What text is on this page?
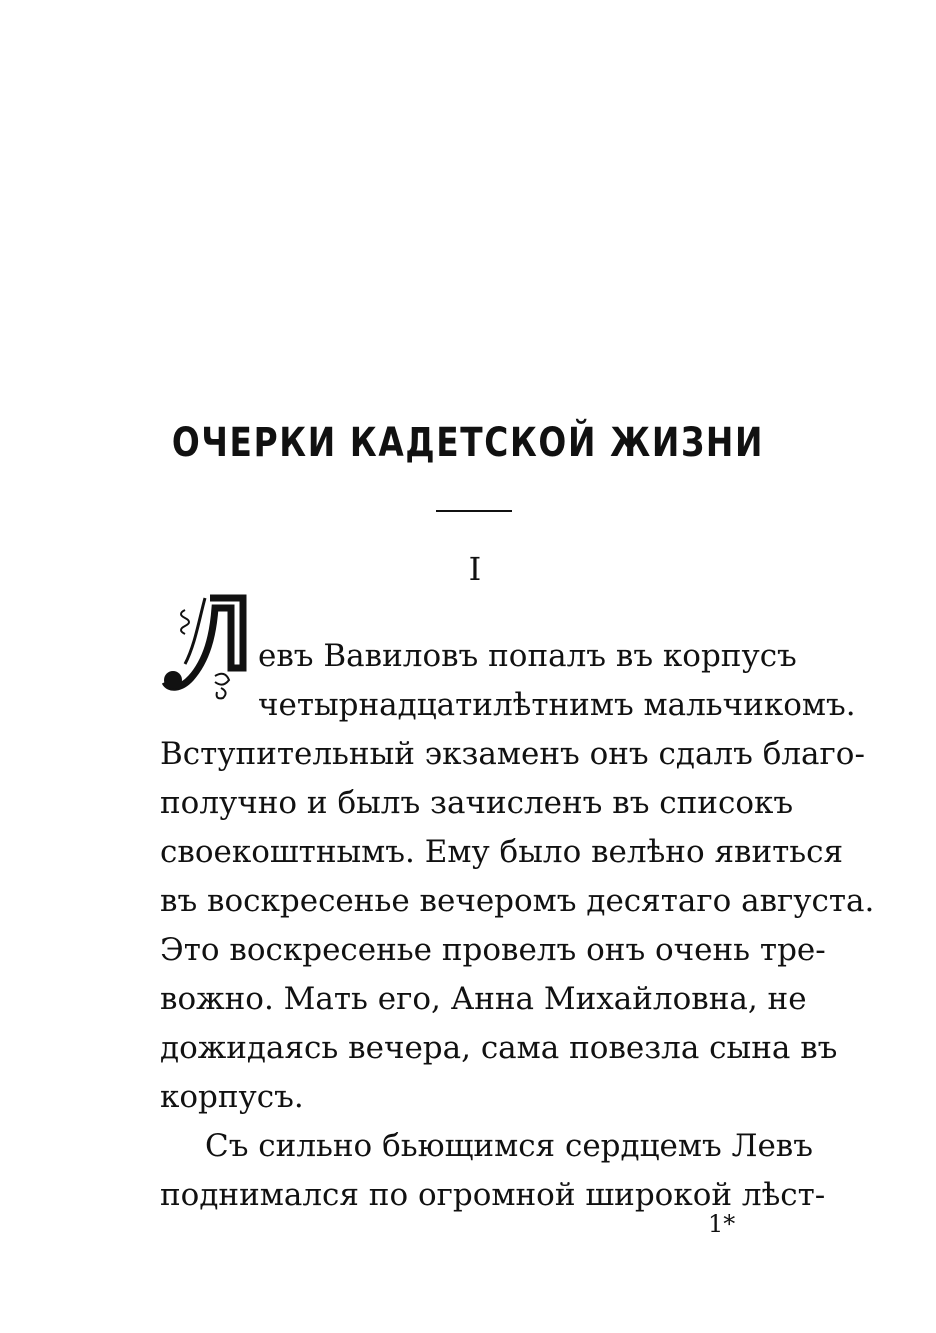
ОЧЕРКИ КАДЕТСКОЙ ЖИЗНИ
I
евъ Вавиловъ попалъ въ корпусъ
четырнадцатилѣтнимъ мальчикомъ.
Вступительный экзаменъ онъ сдалъ благо-
получно и былъ зачисленъ въ списокъ
своекоштнымъ. Ему было велѣно явиться
въ воскресенье вечеромъ десятаго августа.
Это воскресенье провелъ онъ очень тре-
вожно. Мать его, Анна Михайловна, не
дожидаясь вечера, сама повезла сына въ
корпусъ.
Съ сильно бьющимся сердцемъ Левъ
поднимался по огромной широкой лѣст-
1*
